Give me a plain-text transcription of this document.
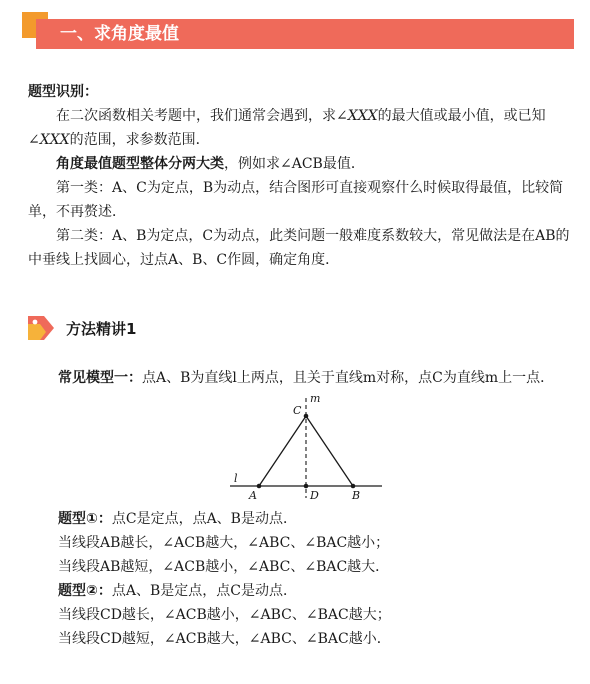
一、求角度最值

题型识别：

在二次函数相关考题中，我们通常会遇到，求∠XXX的最大值或最小值，或已知∠XXX的范围，求参数范围．

角度最值题型整体分两大类，例如求∠ACB最值．

第一类：A、C为定点，B为动点，结合图形可直接观察什么时候取得最值，比较简单，不再赘述．

第二类：A、B为定点，C为动点，此类问题一般难度系数较大，常见做法是在AB的中垂线上找圆心，过点A、B、C作圆，确定角度．

方法精讲1

常见模型一：点A、B为直线l上两点，且关于直线m对称，点C为直线m上一点．

m
C
l
A	D	B

题型①：点C是定点，点A、B是动点．

当线段AB越长，∠ACB越大，∠ABC、∠BAC越小；
当线段AB越短，∠ACB越小，∠ABC、∠BAC越大．

题型②：点A、B是定点，点C是动点．

当线段CD越长，∠ACB越小，∠ABC、∠BAC越大；
当线段CD越短，∠ACB越大，∠ABC、∠BAC越小．
